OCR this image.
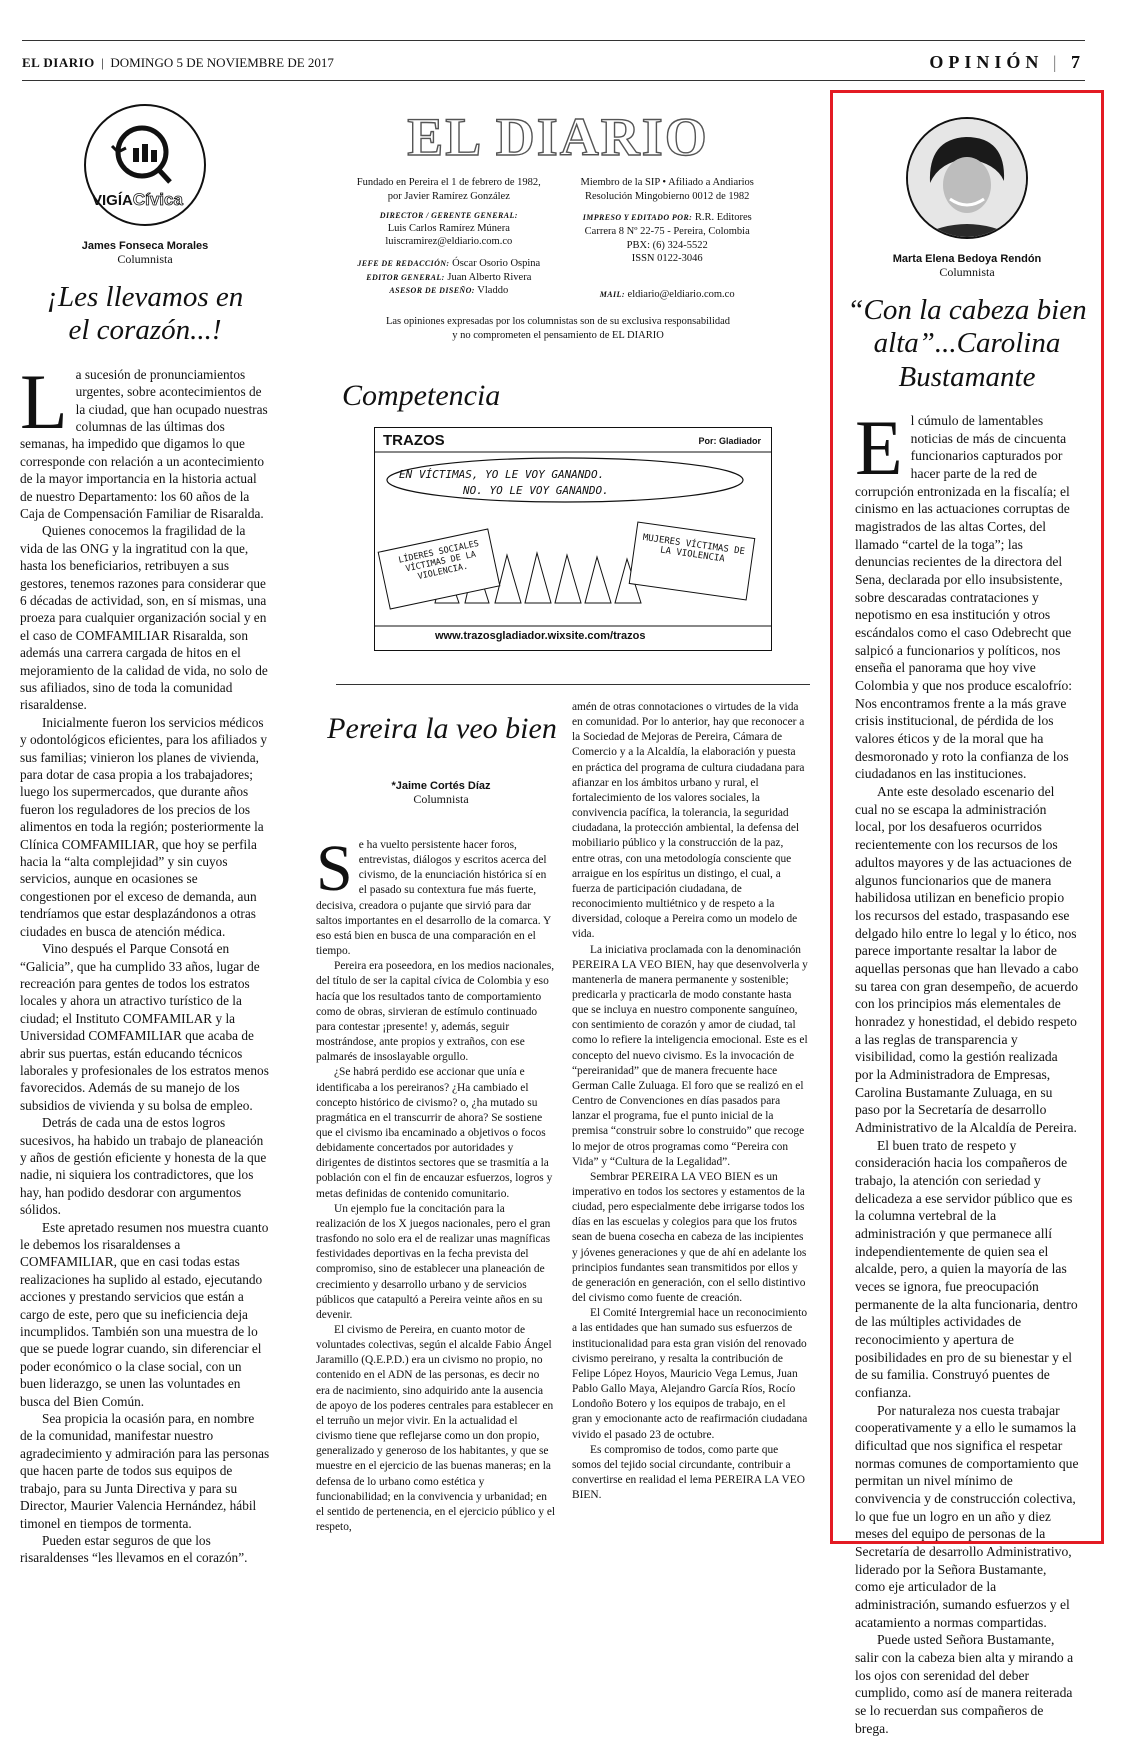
EL DIARIO  |  DOMINGO 5 DE NOVIEMBRE DE 2017	OPINIÓN | 7
VIGÍACívica
James Fonseca Morales
Columnista
¡Les llevamos en el corazón...!

La sucesión de pronunciamientos urgentes, sobre acontecimientos de la ciudad, que han ocupado nuestras columnas de las últimas dos semanas, ha impedido que digamos lo que corresponde con relación a un acontecimiento de la mayor importancia en la historia actual de nuestro Departamento: los 60 años de la Caja de Compensación Familiar de Risaralda.

Quienes conocemos la fragilidad de la vida de las ONG y la ingratitud con la que, hasta los beneficiarios, retribuyen a sus gestores, tenemos razones para considerar que 6 décadas de actividad, son, en sí mismas, una proeza para cualquier organización social y en el caso de COMFAMILIAR Risaralda, son además una carrera cargada de hitos en el mejoramiento de la calidad de vida, no solo de sus afiliados, sino de toda la comunidad risaraldense.

Inicialmente fueron los servicios médicos y odontológicos eficientes, para los afiliados y sus familias; vinieron los planes de vivienda, para dotar de casa propia a los trabajadores; luego los supermercados, que durante años fueron los reguladores de los precios de los alimentos en toda la región; posteriormente la Clínica COMFAMILIAR, que hoy se perfila hacia la “alta complejidad” y sin cuyos servicios, aunque en ocasiones se congestionen por el exceso de demanda, aun tendríamos que estar desplazándonos a otras ciudades en busca de atención médica.

Vino después el Parque Consotá en “Galicia”, que ha cumplido 33 años, lugar de recreación para gentes de todos los estratos locales y ahora un atractivo turístico de la ciudad; el Instituto COMFAMILAR y la Universidad COMFAMILIAR que acaba de abrir sus puertas, están educando técnicos laborales y profesionales de los estratos menos favorecidos. Además de su manejo de los subsidios de vivienda y su bolsa de empleo.

Detrás de cada una de estos logros sucesivos, ha habido un trabajo de planeación y años de gestión eficiente y honesta de la que nadie, ni siquiera los contradictores, que los hay, han podido desdorar con argumentos sólidos.

Este apretado resumen nos muestra cuanto le debemos los risaraldenses a COMFAMILIAR, que en casi todas estas realizaciones ha suplido al estado, ejecutando acciones y prestando servicios que están a cargo de este, pero que su ineficiencia deja incumplidos. También son una muestra de lo que se puede lograr cuando, sin diferenciar el poder económico o la clase social, con un buen liderazgo, se unen las voluntades en busca del Bien Común.

Sea propicia la ocasión para, en nombre de la comunidad, manifestar nuestro agradecimiento y admiración para las personas que hacen parte de todos sus equipos de trabajo, para su Junta Directiva y para su Director, Maurier Valencia Hernández, hábil timonel en tiempos de tormenta.

Pueden estar seguros de que los risaraldenses “les llevamos en el corazón”.

EL DIARIO
Fundado en Pereira el 1 de febrero de 1982,
por Javier Ramírez González
DIRECTOR / GERENTE GENERAL:
Luis Carlos Ramírez Múnera
luiscramirez@eldiario.com.co
JEFE DE REDACCIÓN: Óscar Osorio Ospina
EDITOR GENERAL: Juan Alberto Rivera
ASESOR DE DISEÑO: Vladdo
Miembro de la SIP • Afiliado a Andiarios
Resolución Mingobierno 0012 de 1982
IMPRESO Y EDITADO POR: R.R. Editores
Carrera 8 Nº 22-75 - Pereira, Colombia
PBX: (6) 324-5522
ISSN 0122-3046
MAIL: eldiario@eldiario.com.co
Las opiniones expresadas por los columnistas son de su exclusiva responsabilidad
y no comprometen el pensamiento de EL DIARIO
Competencia
TRAZOS	Por: Gladiador
EN VÍCTIMAS, YO LE VOY GANANDO.
NO. YO LE VOY GANANDO.
LÍDERES SOCIALES VÍCTIMAS DE LA VIOLENCIA.
MUJERES VÍCTIMAS DE LA VIOLENCIA
www.trazosgladiador.wixsite.com/trazos
Pereira la veo bien
*Jaime Cortés Díaz
Columnista

Se ha vuelto persistente hacer foros, entrevistas, diálogos y escritos acerca del civismo, de la enunciación histórica sí en el pasado su contextura fue más fuerte, decisiva, creadora o pujante que sirvió para dar saltos importantes en el desarrollo de la comarca. Y eso está bien en busca de una comparación en el tiempo.

Pereira era poseedora, en los medios nacionales, del título de ser la capital cívica de Colombia y eso hacía que los resultados tanto de comportamiento como de obras, sirvieran de estímulo continuado para contestar ¡presente! y, además, seguir mostrándose, ante propios y extraños, con ese palmarés de insoslayable orgullo.

¿Se habrá perdido ese accionar que unía e identificaba a los pereiranos? ¿Ha cambiado el concepto histórico de civismo? o, ¿ha mutado su pragmática en el transcurrir de ahora? Se sostiene que el civismo iba encaminado a objetivos o focos debidamente concertados por autoridades y dirigentes de distintos sectores que se trasmitía a la población con el fin de encauzar esfuerzos, logros y metas definidas de contenido comunitario.

Un ejemplo fue la concitación para la realización de los X juegos nacionales, pero el gran trasfondo no solo era el de realizar unas magníficas festividades deportivas en la fecha prevista del compromiso, sino de establecer una planeación de crecimiento y desarrollo urbano y de servicios públicos que catapultó a Pereira veinte años en su devenir.

El civismo de Pereira, en cuanto motor de voluntades colectivas, según el alcalde Fabio Ángel Jaramillo (Q.E.P.D.) era un civismo no propio, no contenido en el ADN de las personas, es decir no era de nacimiento, sino adquirido ante la ausencia de apoyo de los poderes centrales para establecer en el terruño un mejor vivir. En la actualidad el civismo tiene que reflejarse como un don propio, generalizado y generoso de los habitantes, y que se muestre en el ejercicio de las buenas maneras; en la defensa de lo urbano como estética y funcionabilidad; en la convivencia y urbanidad; en el sentido de pertenencia, en el ejercicio público y el respeto,

amén de otras connotaciones o virtudes de la vida en comunidad. Por lo anterior, hay que reconocer a la Sociedad de Mejoras de Pereira, Cámara de Comercio y a la Alcaldía, la elaboración y puesta en práctica del programa de cultura ciudadana para afianzar en los ámbitos urbano y rural, el fortalecimiento de los valores sociales, la convivencia pacífica, la tolerancia, la seguridad ciudadana, la protección ambiental, la defensa del mobiliario público y la construcción de la paz, entre otras, con una metodología consciente que arraigue en los espíritus un distingo, el cual, a fuerza de participación ciudadana, de reconocimiento multiétnico y de respeto a la diversidad, coloque a Pereira como un modelo de vida.

La iniciativa proclamada con la denominación PEREIRA LA VEO BIEN, hay que desenvolverla y mantenerla de manera permanente y sostenible; predicarla y practicarla de modo constante hasta que se incluya en nuestro componente sanguíneo, con sentimiento de corazón y amor de ciudad, tal como lo refiere la inteligencia emocional. Este es el concepto del nuevo civismo. Es la invocación de “pereiranidad” que de manera frecuente hace German Calle Zuluaga. El foro que se realizó en el Centro de Convenciones en días pasados para lanzar el programa, fue el punto inicial de la premisa “construir sobre lo construido” que recoge lo mejor de otros programas como “Pereira con Vida” y “Cultura de la Legalidad”.

Sembrar PEREIRA LA VEO BIEN es un imperativo en todos los sectores y estamentos de la ciudad, pero especialmente debe irrigarse todos los días en las escuelas y colegios para que los frutos sean de buena cosecha en cabeza de las incipientes y jóvenes generaciones y que de ahí en adelante los principios fundantes sean transmitidos por ellos y de generación en generación, con el sello distintivo del civismo como fuente de creación.

El Comité Intergremial hace un reconocimiento a las entidades que han sumado sus esfuerzos de institucionalidad para esta gran visión del renovado civismo pereirano, y resalta la contribución de Felipe López Hoyos, Mauricio Vega Lemus, Juan Pablo Gallo Maya, Alejandro García Ríos, Rocío Londoño Botero y los equipos de trabajo, en el gran y emocionante acto de reafirmación ciudadana vivido el pasado 23 de octubre.

Es compromiso de todos, como parte que somos del tejido social circundante, contribuir a convertirse en realidad el lema PEREIRA LA VEO BIEN.

Marta Elena Bedoya Rendón
Columnista
“Con la cabeza bien alta”...Carolina Bustamante

El cúmulo de lamentables noticias de más de cincuenta funcionarios capturados por hacer parte de la red de corrupción entronizada en la fiscalía; el cinismo en las actuaciones corruptas de magistrados de las altas Cortes, del llamado “cartel de la toga”; las denuncias recientes de la directora del Sena, declarada por ello insubsistente, sobre descaradas contrataciones y nepotismo en esa institución y otros escándalos como el caso Odebrecht que salpicó a funcionarios y políticos, nos enseña el panorama que hoy vive Colombia y que nos produce escalofrío: Nos encontramos frente a la más grave crisis institucional, de pérdida de los valores éticos y de la moral que ha desmoronado y roto la confianza de los ciudadanos en las instituciones.

Ante este desolado escenario del cual no se escapa la administración local, por los desafueros ocurridos recientemente con los recursos de los adultos mayores y de las actuaciones de algunos funcionarios que de manera habilidosa utilizan en beneficio propio los recursos del estado, traspasando ese delgado hilo entre lo legal y lo ético, nos parece importante resaltar la labor de aquellas personas que han llevado a cabo su tarea con gran desempeño, de acuerdo con los principios más elementales de honradez y honestidad, el debido respeto a las reglas de transparencia y visibilidad, como la gestión realizada por la Administradora de Empresas, Carolina Bustamante Zuluaga, en su paso por la Secretaría de desarrollo Administrativo de la Alcaldía de Pereira.

El buen trato de respeto y consideración hacia los compañeros de trabajo, la atención con seriedad y delicadeza a ese servidor público que es la columna vertebral de la administración y que permanece allí independientemente de quien sea el alcalde, pero, a quien la mayoría de las veces se ignora, fue preocupación permanente de la alta funcionaria, dentro de las múltiples actividades de reconocimiento y apertura de posibilidades en pro de su bienestar y el de su familia. Construyó puentes de confianza.

Por naturaleza nos cuesta trabajar cooperativamente y a ello le sumamos la dificultad que nos significa el respetar normas comunes de comportamiento que permitan un nivel mínimo de convivencia y de construcción colectiva, lo que fue un logro en un año y diez meses del equipo de personas de la Secretaría de desarrollo Administrativo, liderado por la Señora Bustamante, como eje articulador de la administración, sumando esfuerzos y el acatamiento a normas compartidas.

Puede usted Señora Bustamante, salir con la cabeza bien alta y mirando a los ojos con serenidad del deber cumplido, como así de manera reiterada se lo recuerdan sus compañeros de brega.
